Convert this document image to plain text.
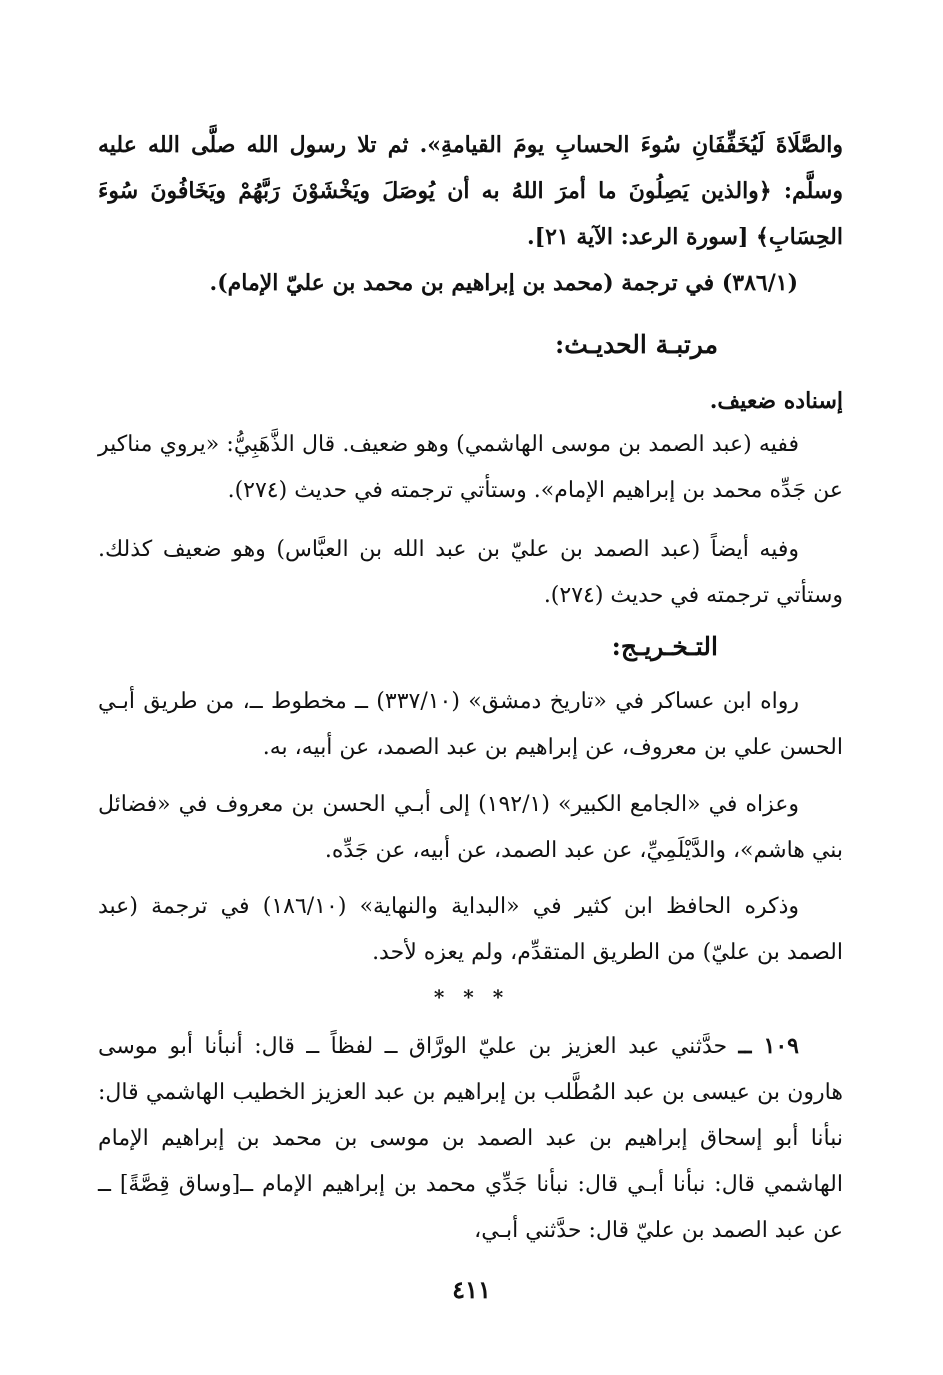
والصَّلَاةَ لَيُخَفِّفَانِ سُوءَ الحسابِ يومَ القيامةِ». ثم تلا رسول الله صلَّى الله عليه وسلَّم: ﴿والذين يَصِلُونَ ما أمرَ اللهُ به أن يُوصَلَ ويَخْشَوْنَ رَبَّهُمْ ويَخَافُونَ سُوءَ الحِسَابِ﴾ [سورة الرعد: الآية ٢١].

(٣٨٦/١) في ترجمة (محمد بن إبراهيم بن محمد بن عليّ الإمام).

مرتبـة الحديـث:
إسناده ضعيف.

ففيه (عبد الصمد بن موسى الهاشمي) وهو ضعيف. قال الذَّهَبِيُّ: «يروي مناكير عن جَدِّه محمد بن إبراهيم الإمام». وستأتي ترجمته في حديث (٢٧٤).

وفيه أيضاً (عبد الصمد بن عليّ بن عبد الله بن العبَّاس) وهو ضعيف كذلك. وستأتي ترجمته في حديث (٢٧٤).

التـخـريـج:

رواه ابن عساكر في «تاريخ دمشق» (٣٣٧/١٠) ــ مخطوط ــ، من طريق أبـي الحسن علي بن معروف، عن إبراهيم بن عبد الصمد، عن أبيه، به.

وعزاه في «الجامع الكبير» (١٩٢/١) إلى أبـي الحسن بن معروف في «فضائل بني هاشم»، والدَّيْلَمِيِّ، عن عبد الصمد، عن أبيه، عن جَدِّه.

وذكره الحافظ ابن كثير في «البداية والنهاية» (١٨٦/١٠) في ترجمة (عبد الصمد بن عليّ) من الطريق المتقدِّم، ولم يعزه لأحد.

* * *

١٠٩ ــ حدَّثني عبد العزيز بن عليّ الورَّاق ــ لفظاً ــ قال: أنبأنا أبو موسى هارون بن عيسى بن عبد المُطَّلب بن إبراهيم بن عبد العزيز الخطيب الهاشمي قال: نبأنا أبو إسحاق إبراهيم بن عبد الصمد بن موسى بن محمد بن إبراهيم الإمام الهاشمي قال: نبأنا أبـي قال: نبأنا جَدِّي محمد بن إبراهيم الإمام ــ[وساق قِصَّةً] ــ عن عبد الصمد بن عليّ قال: حدَّثني أبـي،

٤١١
